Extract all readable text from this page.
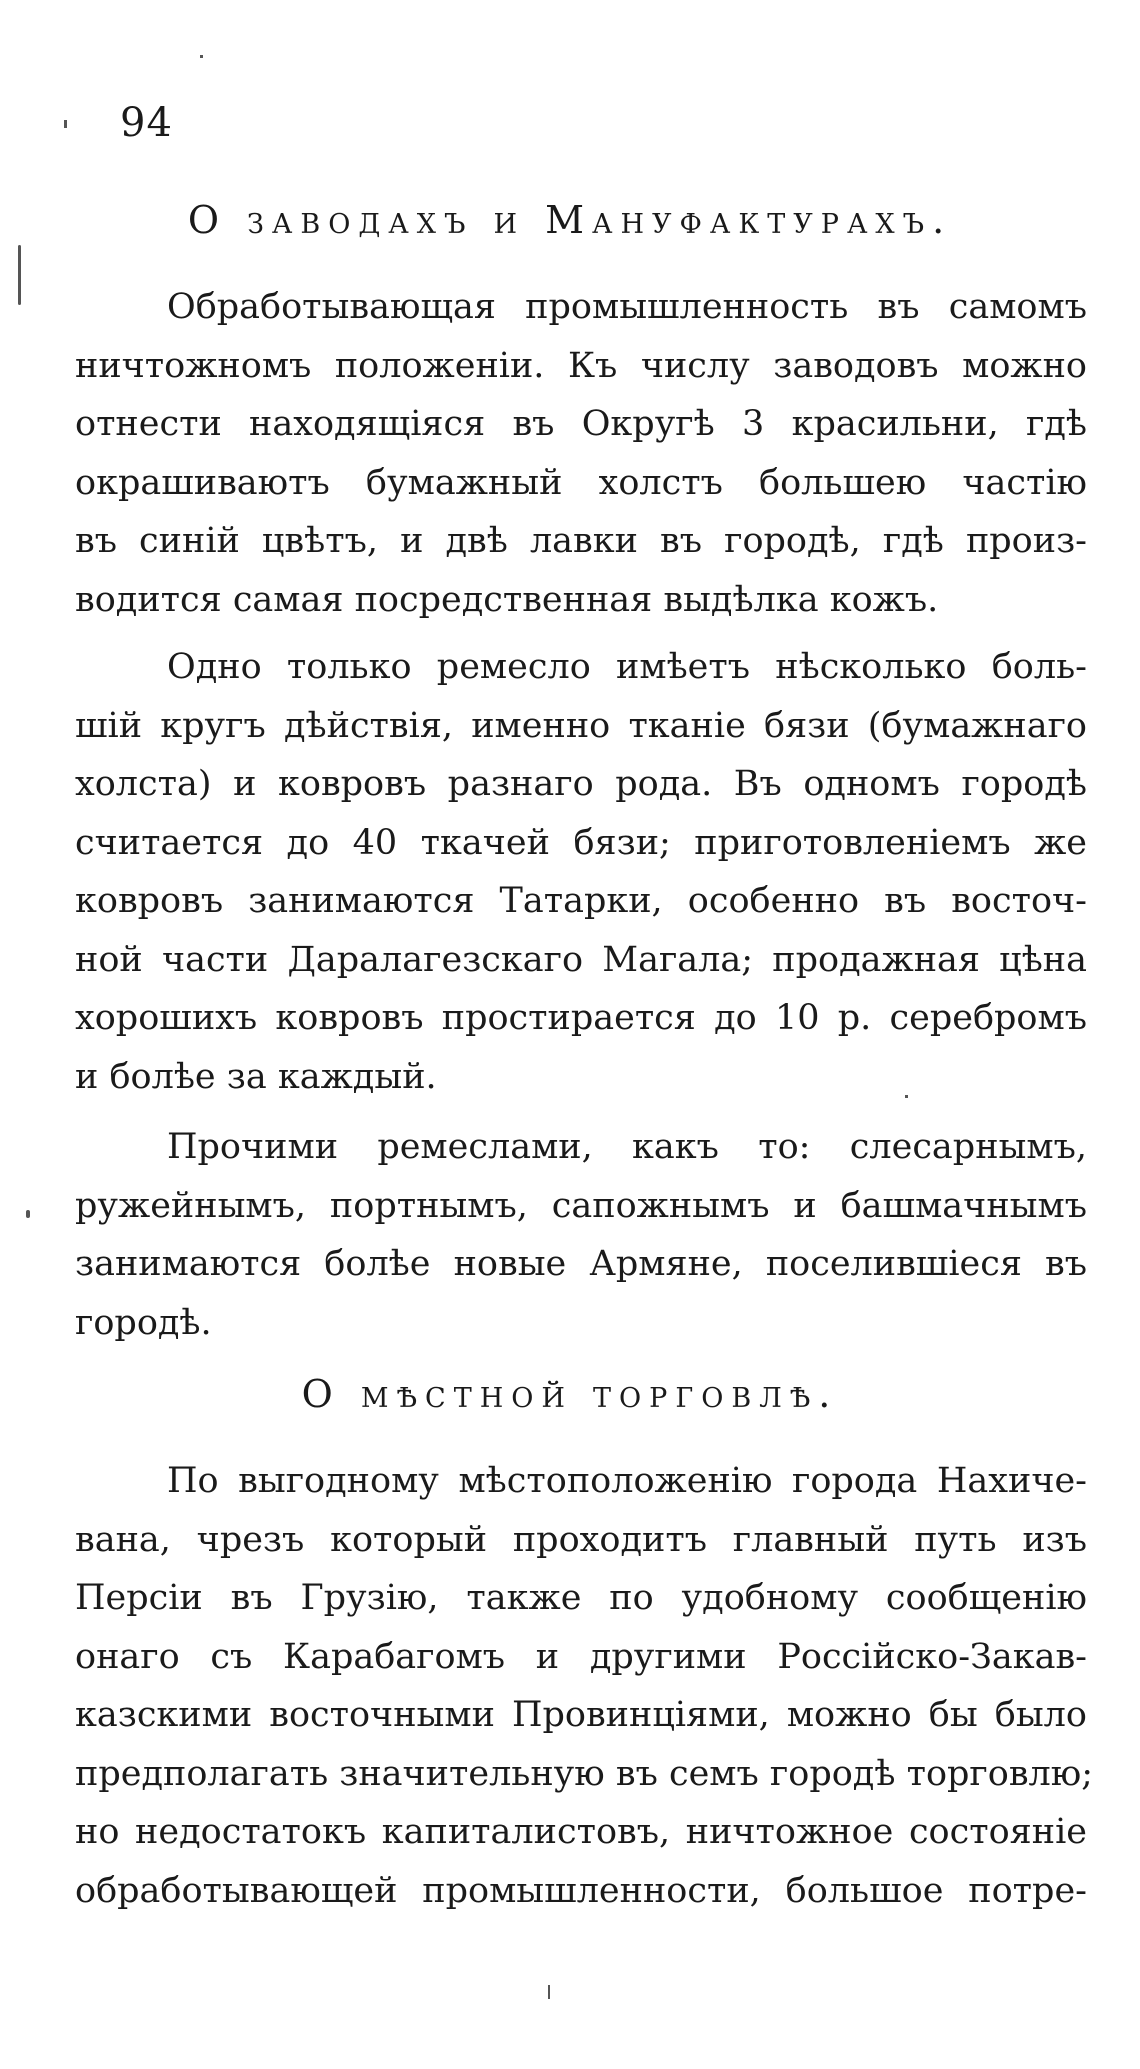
94
О заводахъ и Мануфактурахъ.
Обработывающая промышленность въ самомъ
ничтожномъ положеніи. Къ числу заводовъ можно
отнести находящіяся въ Округѣ 3 красильни, гдѣ
окрашиваютъ бумажный холстъ большею частію
въ синій цвѣтъ, и двѣ лавки въ городѣ, гдѣ произ-
водится самая посредственная выдѣлка кожъ.
Одно только ремесло имѣетъ нѣсколько боль-
шій кругъ дѣйствія, именно тканіе бязи (бумажнаго
холста) и ковровъ разнаго рода. Въ одномъ городѣ
считается до 40 ткачей бязи; приготовленіемъ же
ковровъ занимаются Татарки, особенно въ восточ-
ной части Даралагезскаго Магала; продажная цѣна
хорошихъ ковровъ простирается до 10 р. серебромъ
и болѣе за каждый.
Прочими ремеслами, какъ то: слесарнымъ,
ружейнымъ, портнымъ, сапожнымъ и башмачнымъ
занимаются болѣе новые Армяне, поселившіеся въ
городѣ.
О мѣстной торговлѣ.
По выгодному мѣстоположенію города Нахичe-
вана, чрезъ который проходитъ главный путь изъ
Персіи въ Грузію, также по удобному сообщенію
онаго съ Карабагомъ и другими Россійско-Закав-
казскими восточными Провинціями, можно бы было
предполагать значительную въ семъ городѣ торговлю;
но недостатокъ капиталистовъ, ничтожное состояніе
обработывающей промышленности, большое потре-
